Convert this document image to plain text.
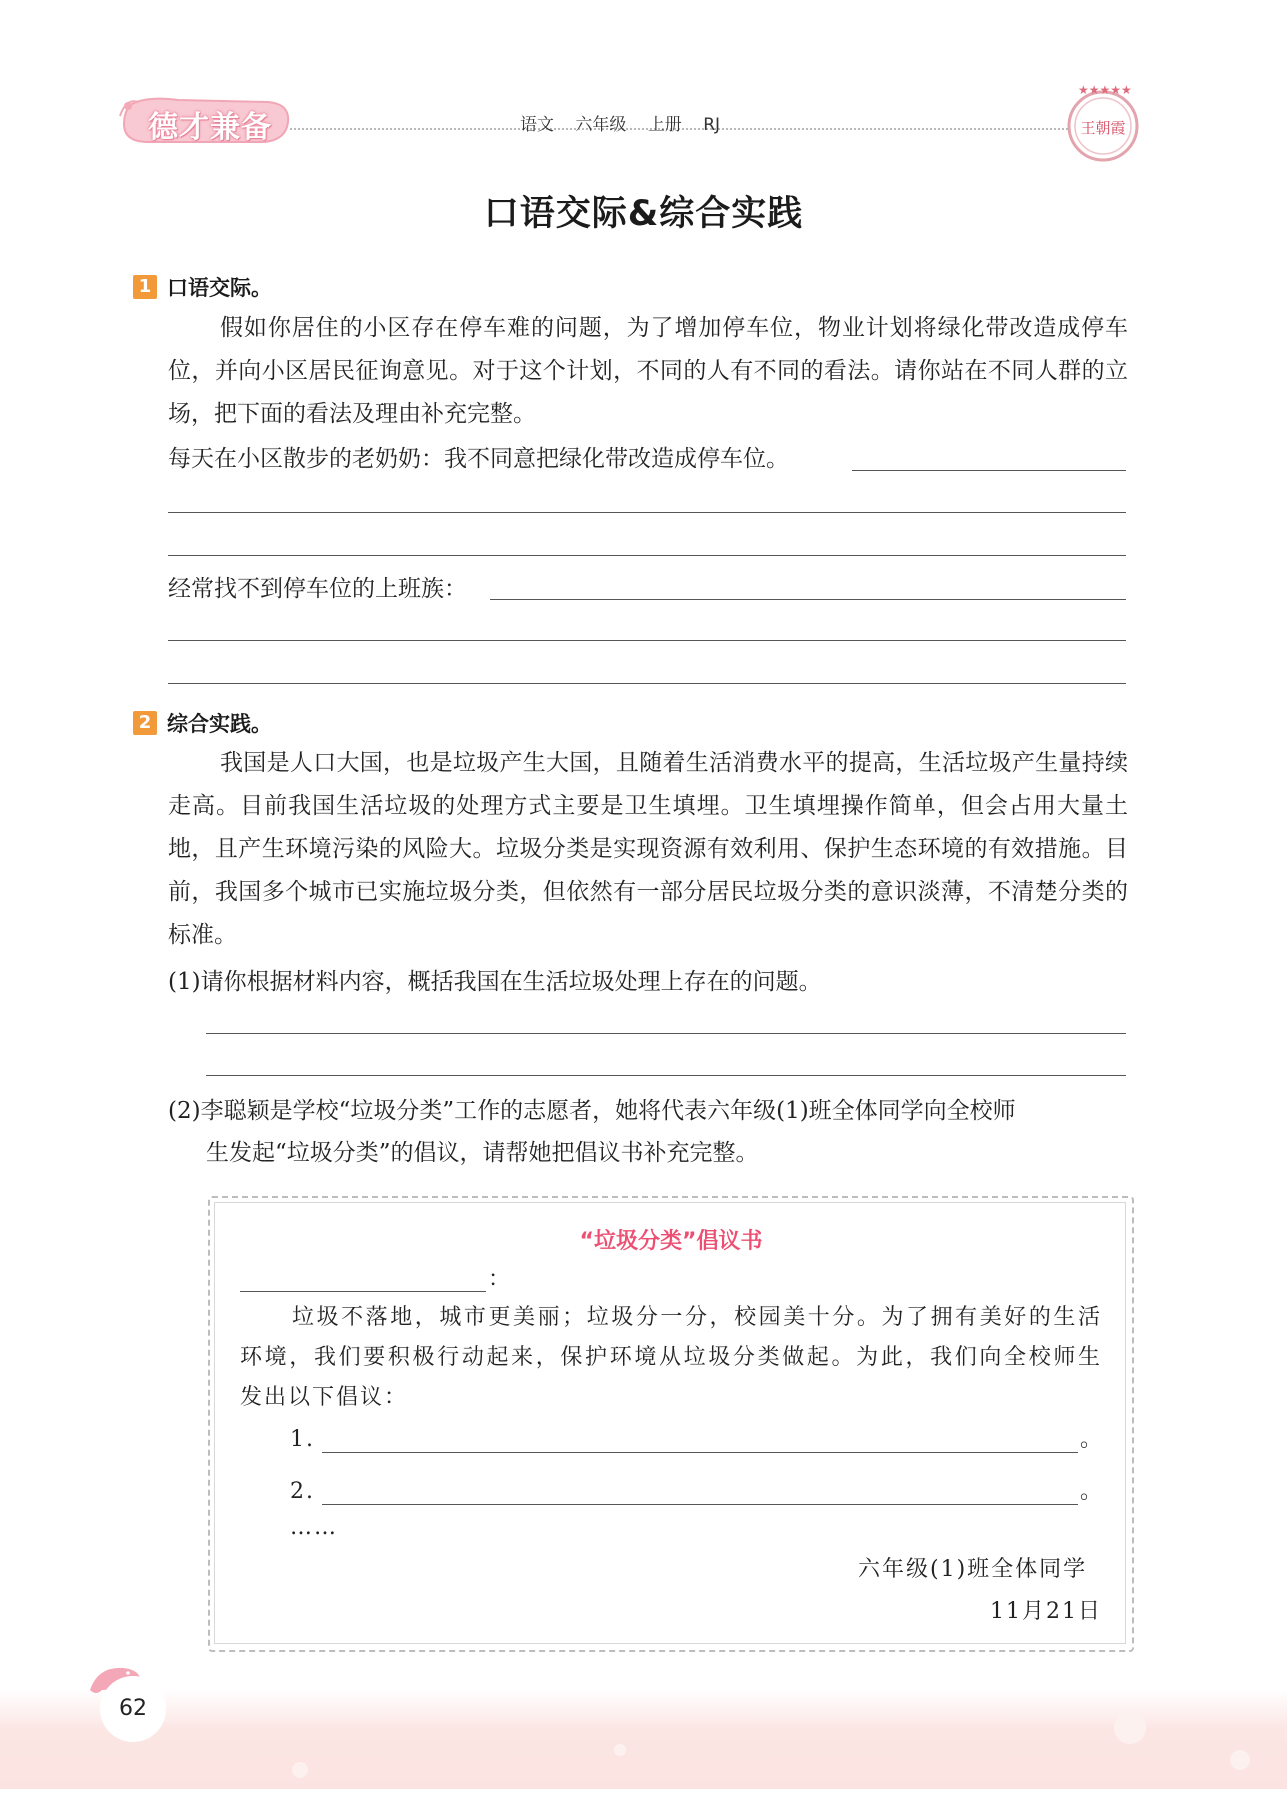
德才兼备	语文 六年级 上册 RJ
★★★★★
王朝霞
口语交际&综合实践
1 口语交际。
假如你居住的小区存在停车难的问题，为了增加停车位，物业计划将绿化带改造成停车位，并向小区居民征询意见。对于这个计划，不同的人有不同的看法。请你站在不同人群的立场，把下面的看法及理由补充完整。
每天在小区散步的老奶奶：我不同意把绿化带改造成停车位。
经常找不到停车位的上班族：
2 综合实践。
我国是人口大国，也是垃圾产生大国，且随着生活消费水平的提高，生活垃圾产生量持续走高。目前我国生活垃圾的处理方式主要是卫生填埋。卫生填埋操作简单，但会占用大量土地，且产生环境污染的风险大。垃圾分类是实现资源有效利用、保护生态环境的有效措施。目前，我国多个城市已实施垃圾分类，但依然有一部分居民垃圾分类的意识淡薄，不清楚分类的标准。
(1)请你根据材料内容，概括我国在生活垃圾处理上存在的问题。
(2)李聪颖是学校“垃圾分类”工作的志愿者，她将代表六年级(1)班全体同学向全校师
生发起“垃圾分类”的倡议，请帮她把倡议书补充完整。
“垃圾分类”倡议书
：
垃圾不落地，城市更美丽；垃圾分一分，校园美十分。为了拥有美好的生活环境，我们要积极行动起来，保护环境从垃圾分类做起。为此，我们向全校师生发出以下倡议：
1.	。
2.	。
……
六年级(1)班全体同学
11月21日
62
